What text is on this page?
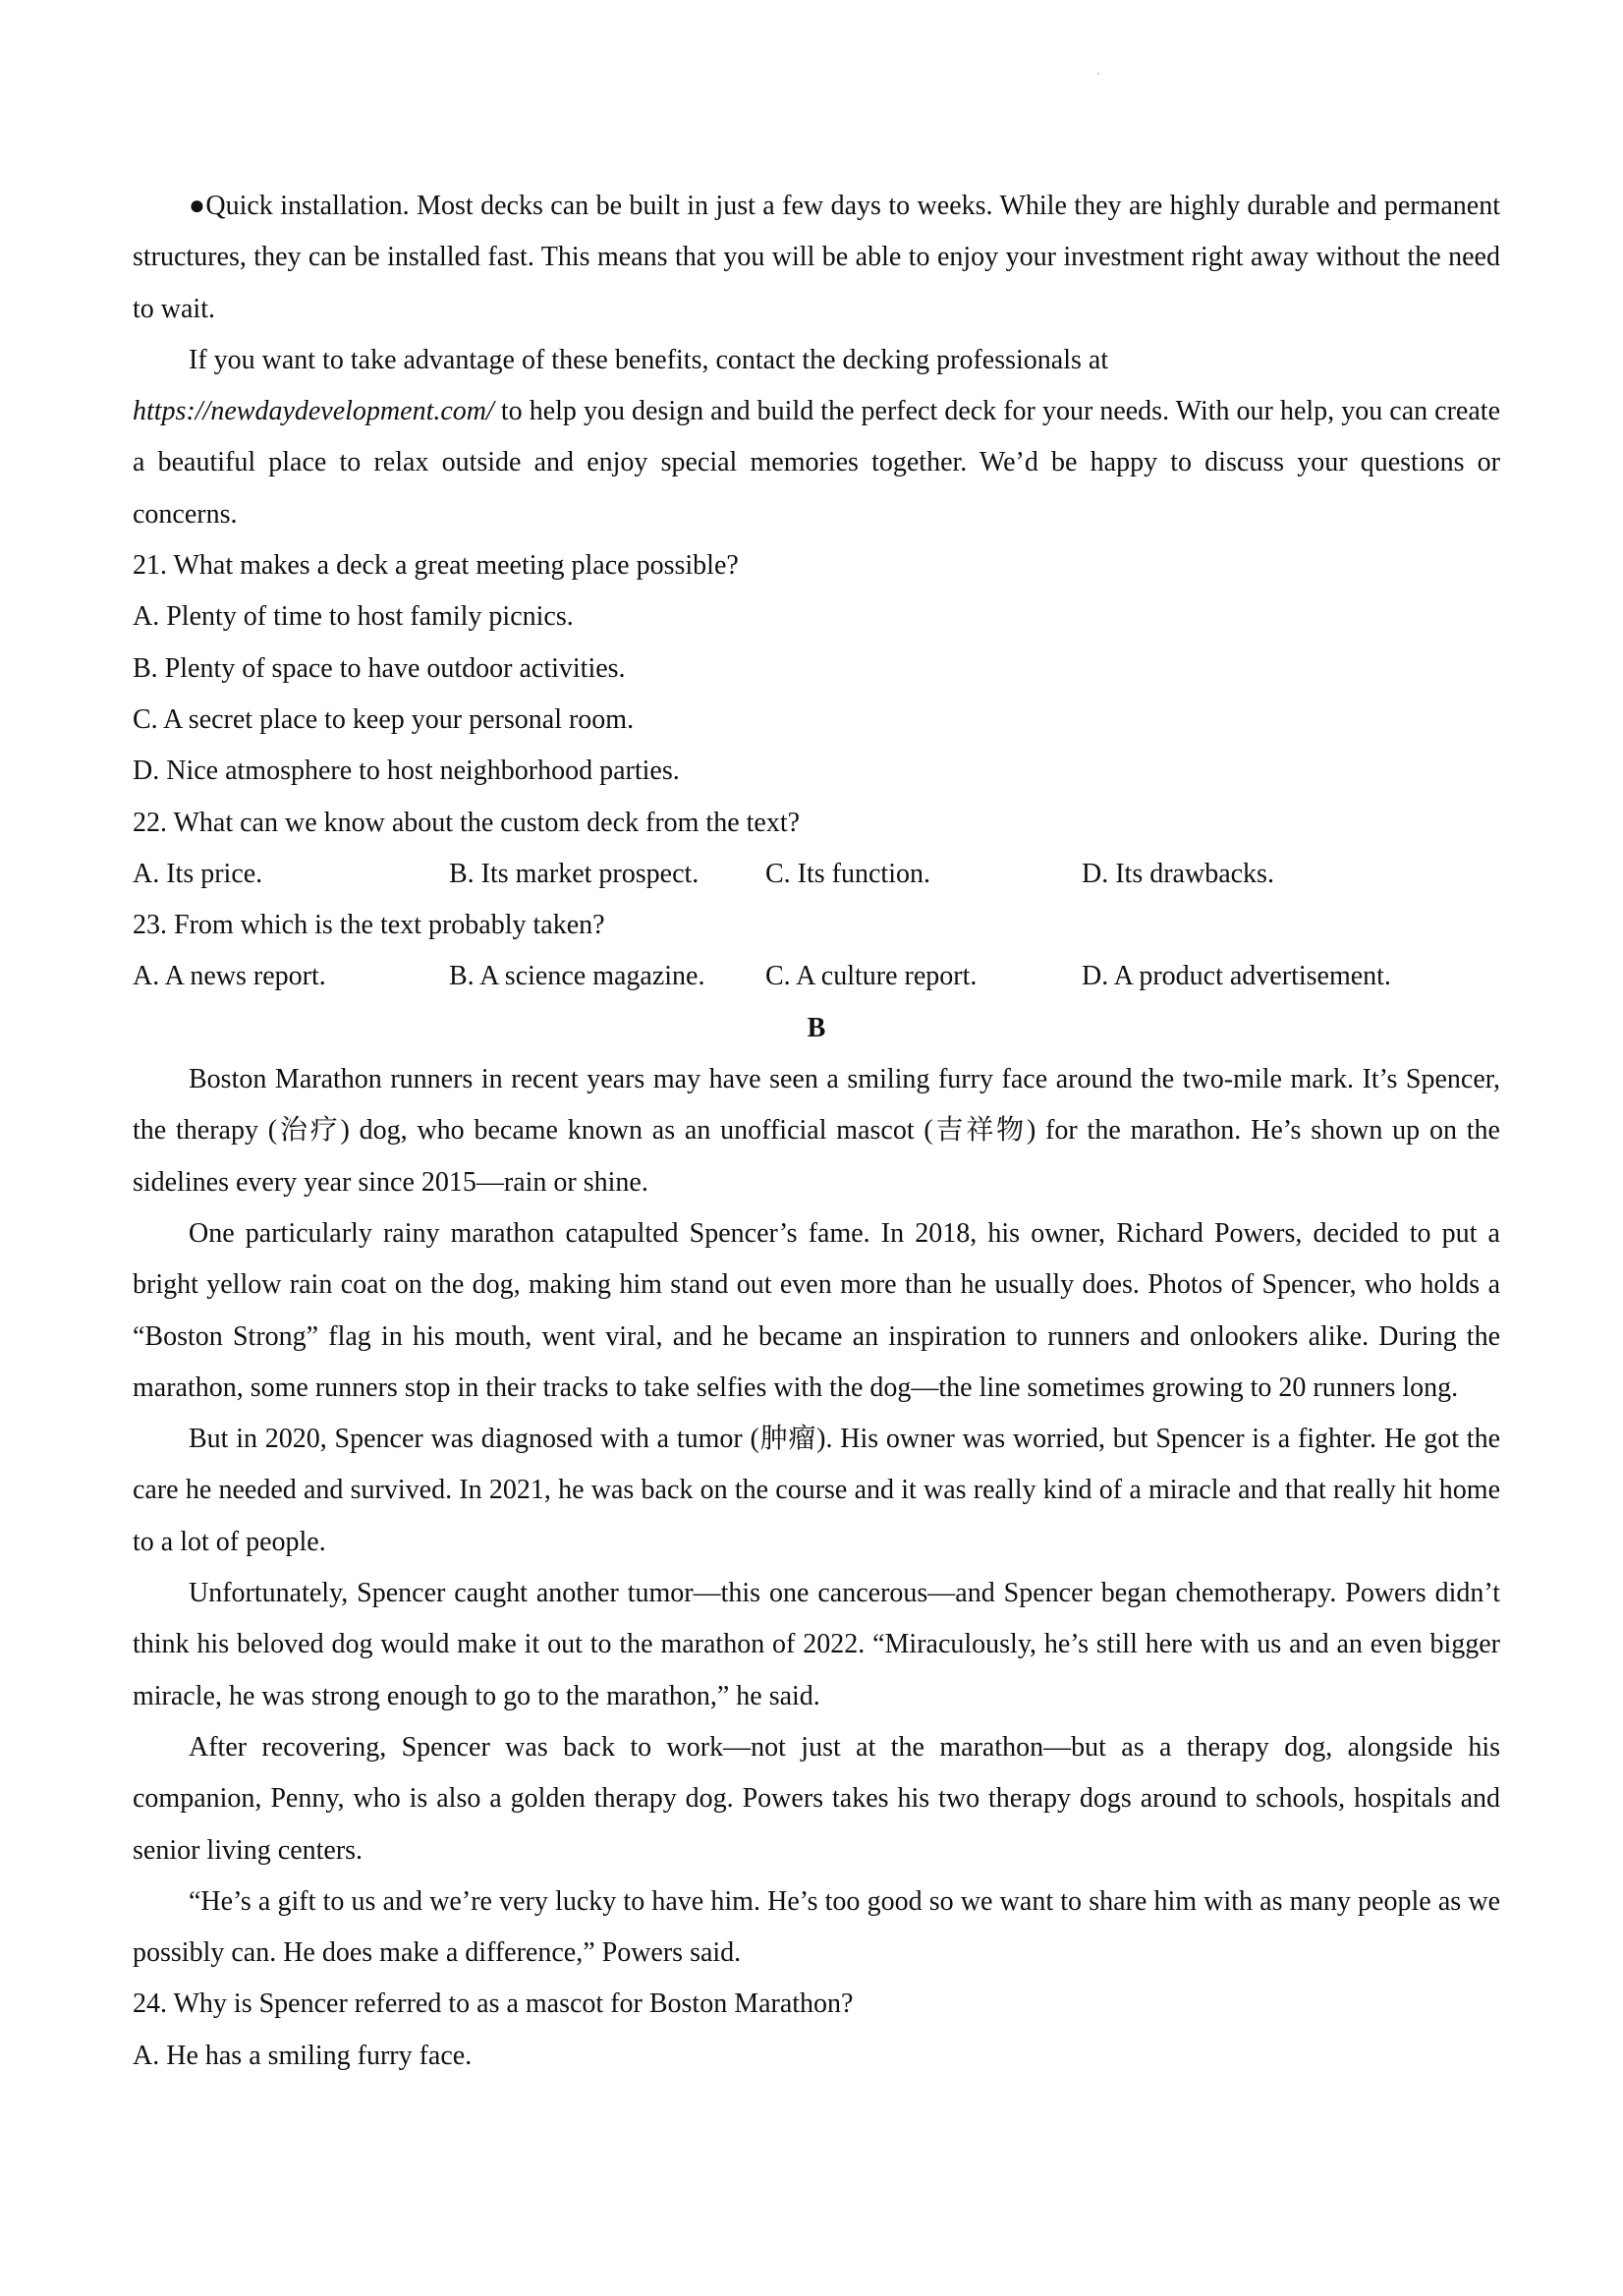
●Quick installation. Most decks can be built in just a few days to weeks. While they are highly durable and permanent structures, they can be installed fast. This means that you will be able to enjoy your investment right away without the need to wait.

If you want to take advantage of these benefits, contact the decking professionals at
https://newdaydevelopment.com/ to help you design and build the perfect deck for your needs. With our help, you can create a beautiful place to relax outside and enjoy special memories together. We’d be happy to discuss your questions or concerns.

21. What makes a deck a great meeting place possible?
A. Plenty of time to host family picnics.
B. Plenty of space to have outdoor activities.
C. A secret place to keep your personal room.
D. Nice atmosphere to host neighborhood parties.
22. What can we know about the custom deck from the text?
A. Its price.	B. Its market prospect.	C. Its function.	D. Its drawbacks.
23. From which is the text probably taken?
A. A news report.	B. A science magazine.	C. A culture report.	D. A product advertisement.
B

Boston Marathon runners in recent years may have seen a smiling furry face around the two-mile mark. It’s Spencer, the therapy (治疗) dog, who became known as an unofficial mascot (吉祥物) for the marathon. He’s shown up on the sidelines every year since 2015—rain or shine.

One particularly rainy marathon catapulted Spencer’s fame. In 2018, his owner, Richard Powers, decided to put a bright yellow rain coat on the dog, making him stand out even more than he usually does. Photos of Spencer, who holds a “Boston Strong” flag in his mouth, went viral, and he became an inspiration to runners and onlookers alike. During the marathon, some runners stop in their tracks to take selfies with the dog—the line sometimes growing to 20 runners long.

But in 2020, Spencer was diagnosed with a tumor (肿瘤). His owner was worried, but Spencer is a fighter. He got the care he needed and survived. In 2021, he was back on the course and it was really kind of a miracle and that really hit home to a lot of people.

Unfortunately, Spencer caught another tumor—this one cancerous—and Spencer began chemotherapy. Powers didn’t think his beloved dog would make it out to the marathon of 2022. “Miraculously, he’s still here with us and an even bigger miracle, he was strong enough to go to the marathon,” he said.

After recovering, Spencer was back to work—not just at the marathon—but as a therapy dog, alongside his companion, Penny, who is also a golden therapy dog. Powers takes his two therapy dogs around to schools, hospitals and senior living centers.

“He’s a gift to us and we’re very lucky to have him. He’s too good so we want to share him with as many people as we possibly can. He does make a difference,” Powers said.

24. Why is Spencer referred to as a mascot for Boston Marathon?
A. He has a smiling furry face.
